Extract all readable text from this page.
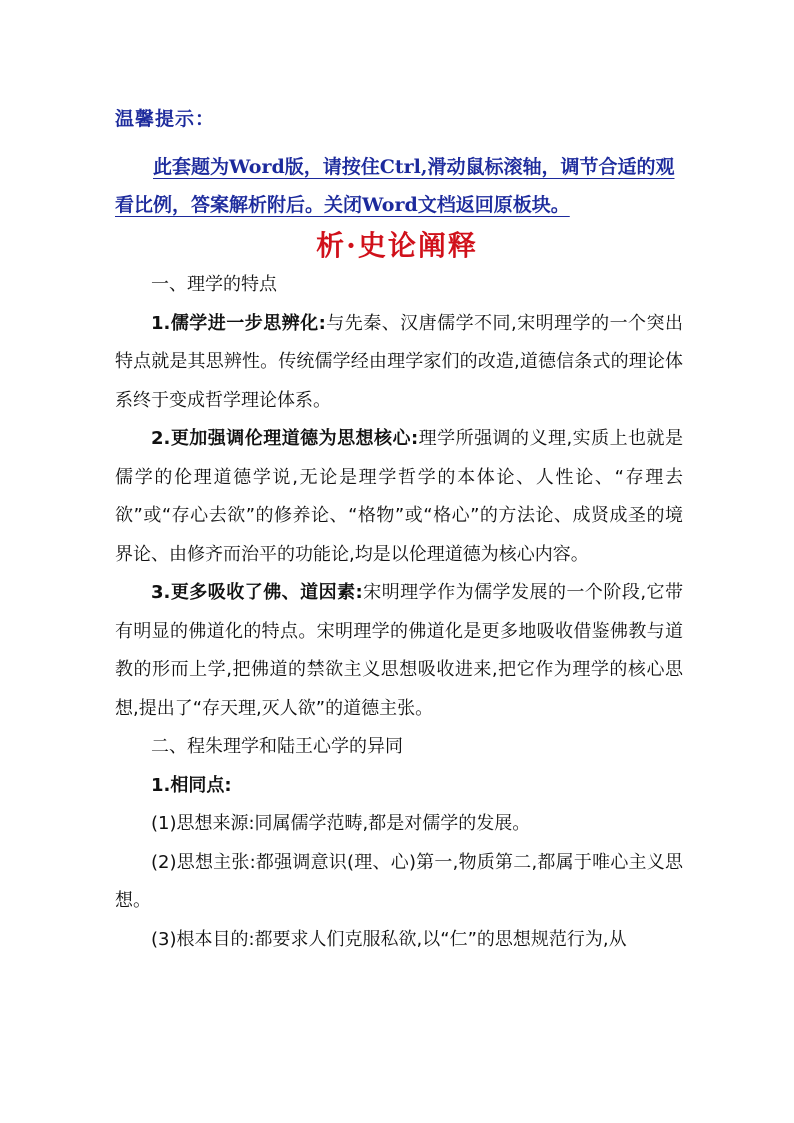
温馨提示：

此套题为Word版，请按住Ctrl,滑动鼠标滚轴，调节合适的观看比例，答案解析附后。关闭Word文档返回原板块。

析·史论阐释

一、理学的特点

1.儒学进一步思辨化:与先秦、汉唐儒学不同,宋明理学的一个突出特点就是其思辨性。传统儒学经由理学家们的改造,道德信条式的理论体系终于变成哲学理论体系。

2.更加强调伦理道德为思想核心:理学所强调的义理,实质上也就是儒学的伦理道德学说,无论是理学哲学的本体论、人性论、“存理去欲”或“存心去欲”的修养论、“格物”或“格心”的方法论、成贤成圣的境界论、由修齐而治平的功能论,均是以伦理道德为核心内容。

3.更多吸收了佛、道因素:宋明理学作为儒学发展的一个阶段,它带有明显的佛道化的特点。宋明理学的佛道化是更多地吸收借鉴佛教与道教的形而上学,把佛道的禁欲主义思想吸收进来,把它作为理学的核心思想,提出了“存天理,灭人欲”的道德主张。

二、程朱理学和陆王心学的异同

1.相同点:

(1)思想来源:同属儒学范畴,都是对儒学的发展。

(2)思想主张:都强调意识(理、心)第一,物质第二,都属于唯心主义思想。

(3)根本目的:都要求人们克服私欲,以“仁”的思想规范行为,从
